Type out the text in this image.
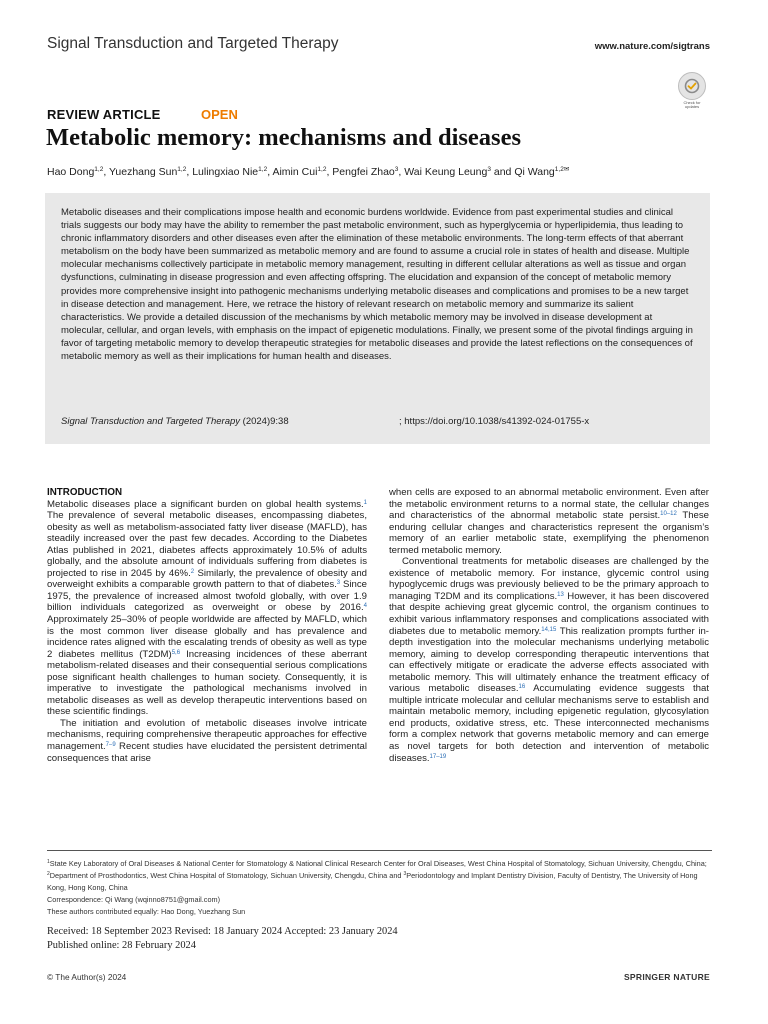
Signal Transduction and Targeted Therapy	www.nature.com/sigtrans
Check for updates
REVIEW ARTICLE	OPEN
Metabolic memory: mechanisms and diseases
Hao Dong$^{1,2}$, Yuezhang Sun$^{1,2}$, Lulingxiao Nie$^{1,2}$, Aimin Cui$^{1,2}$, Pengfei Zhao$^3$, Wai Keung Leung$^3$ and Qi Wang$^{1,2✉}$

Metabolic diseases and their complications impose health and economic burdens worldwide. Evidence from past experimental studies and clinical trials suggests our body may have the ability to remember the past metabolic environment, such as hyperglycemia or hyperlipidemia, thus leading to chronic inflammatory disorders and other diseases even after the elimination of these metabolic environments. The long-term effects of that aberrant metabolism on the body have been summarized as metabolic memory and are found to assume a crucial role in states of health and disease. Multiple molecular mechanisms collectively participate in metabolic memory management, resulting in different cellular alterations as well as tissue and organ dysfunctions, culminating in disease progression and even affecting offspring. The elucidation and expansion of the concept of metabolic memory provides more comprehensive insight into pathogenic mechanisms underlying metabolic diseases and complications and promises to be a new target in disease detection and management. Here, we retrace the history of relevant research on metabolic memory and summarize its salient characteristics. We provide a detailed discussion of the mechanisms by which metabolic memory may be involved in disease development at molecular, cellular, and organ levels, with emphasis on the impact of epigenetic modulations. Finally, we present some of the pivotal findings arguing in favor of targeting metabolic memory to develop therapeutic strategies for metabolic diseases and provide the latest reflections on the consequences of metabolic memory as well as their implications for human health and diseases.

Signal Transduction and Targeted Therapy (2024)9:38	; https://doi.org/10.1038/s41392-024-01755-x
INTRODUCTION

Metabolic diseases place a significant burden on global health systems.$^1$ The prevalence of several metabolic diseases, encompassing diabetes, obesity as well as metabolism-associated fatty liver disease (MAFLD), has steadily increased over the past few decades. According to the Diabetes Atlas published in 2021, diabetes affects approximately 10.5% of adults globally, and the absolute amount of individuals suffering from diabetes is projected to rise in 2045 by 46%.$^2$ Similarly, the prevalence of obesity and overweight exhibits a comparable growth pattern to that of diabetes.$^3$ Since 1975, the prevalence of increased almost twofold globally, with over 1.9 billion individuals categorized as overweight or obese by 2016.$^4$ Approximately 25–30% of people worldwide are affected by MAFLD, which is the most common liver disease globally and has prevalence and incidence rates aligned with the escalating trends of obesity as well as type 2 diabetes mellitus $(T2DM)^{5,6}$ Increasing incidences of these aberrant metabolism-related diseases and their consequential serious complications pose significant health challenges to human society. Consequently, it is imperative to investigate the pathological mechanisms involved in metabolic diseases as well as develop therapeutic interventions based on these scientific findings.

The initiation and evolution of metabolic diseases involve intricate mechanisms, requiring comprehensive therapeutic approaches for effective management.$^{7-9}$ Recent studies have elucidated the persistent detrimental consequences that arise

when cells are exposed to an abnormal metabolic environment. Even after the metabolic environment returns to a normal state, the cellular changes and characteristics of the abnormal metabolic state persist.$^{10-12}$ These enduring cellular changes and characteristics represent the organism’s memory of an earlier metabolic state, exemplifying the phenomenon termed metabolic memory.

Conventional treatments for metabolic diseases are challenged by the existence of metabolic memory. For instance, glycemic control using hypoglycemic drugs was previously believed to be the primary approach to managing T2DM and its complications.$^{13}$ However, it has been discovered that despite achieving great glycemic control, the organism continues to exhibit various inflammatory responses and complications associated with diabetes due to metabolic memory.$^{14,15}$ This realization prompts further in-depth investigation into the molecular mechanisms underlying metabolic memory, aiming to develop corresponding therapeutic interventions that can effectively mitigate or eradicate the adverse effects associated with metabolic memory. This will ultimately enhance the treatment efficacy of various metabolic diseases.$^{16}$ Accumulating evidence suggests that multiple intricate molecular and cellular mechanisms serve to establish and maintain metabolic memory, including epigenetic regulation, glycosylation end products, oxidative stress, etc. These interconnected mechanisms form a complex network that governs metabolic memory and can emerge as novel targets for both detection and intervention of metabolic diseases.$^{17-19}$

$^1$State Key Laboratory of Oral Diseases & National Center for Stomatology & National Clinical Research Center for Oral Diseases, West China Hospital of Stomatology, Sichuan University, Chengdu, China; $^2$Department of Prosthodontics, West China Hospital of Stomatology, Sichuan University, Chengdu, China and $^3$Periodontology and Implant Dentistry Division, Faculty of Dentistry, The University of Hong Kong, Hong Kong, China
Correspondence: Qi Wang (wqinno8751@gmail.com)
These authors contributed equally: Hao Dong, Yuezhang Sun
Received: 18 September 2023 Revised: 18 January 2024 Accepted: 23 January 2024
Published online: 28 February 2024
© The Author(s) 2024	SPRINGER NATURE
